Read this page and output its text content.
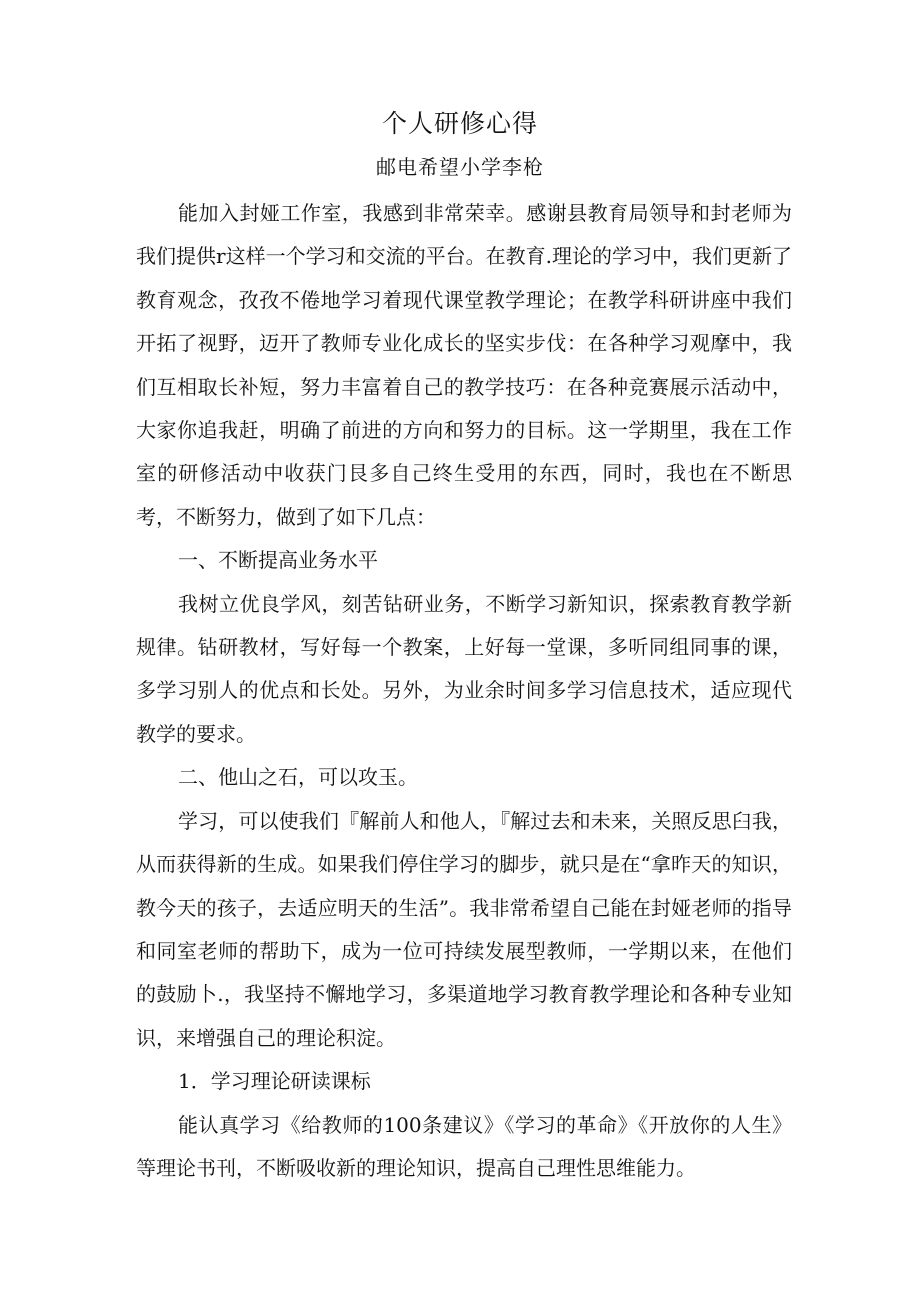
个人研修心得
邮电希望小学李枪

能加入封娅工作室，我感到非常荣幸。感谢县教育局领导和封老师为我们提供r这样一个学习和交流的平台。在教育.理论的学习中，我们更新了教育观念，孜孜不倦地学习着现代课堂教学理论；在教学科研讲座中我们开拓了视野，迈开了教师专业化成长的坚实步伐：在各种学习观摩中，我们互相取长补短，努力丰富着自己的教学技巧：在各种竞赛展示活动中，大家你追我赶，明确了前进的方向和努力的目标。这一学期里，我在工作室的研修活动中收获门艮多自己终生受用的东西，同时，我也在不断思考，不断努力，做到了如下几点：

一、不断提高业务水平

我树立优良学风，刻苦钻研业务，不断学习新知识，探索教育教学新规律。钻研教材，写好每一个教案，上好每一堂课，多听同组同事的课，多学习别人的优点和长处。另外，为业余时间多学习信息技术，适应现代教学的要求。

二、他山之石，可以攻玉。

学习，可以使我们『解前人和他人，『解过去和未来，关照反思臼我，从而获得新的生成。如果我们停住学习的脚步，就只是在“拿昨天的知识，教今天的孩子，去适应明天的生活”。我非常希望自己能在封娅老师的指导和同室老师的帮助下，成为一位可持续发展型教师，一学期以来，在他们的鼓励卜.，我坚持不懈地学习，多渠道地学习教育教学理论和各种专业知识，来增强自己的理论积淀。

1．学习理论研读课标

能认真学习《给教师的100条建议》《学习的革命》《开放你的人生》等理论书刊，不断吸收新的理论知识，提高自己理性思维能力。
